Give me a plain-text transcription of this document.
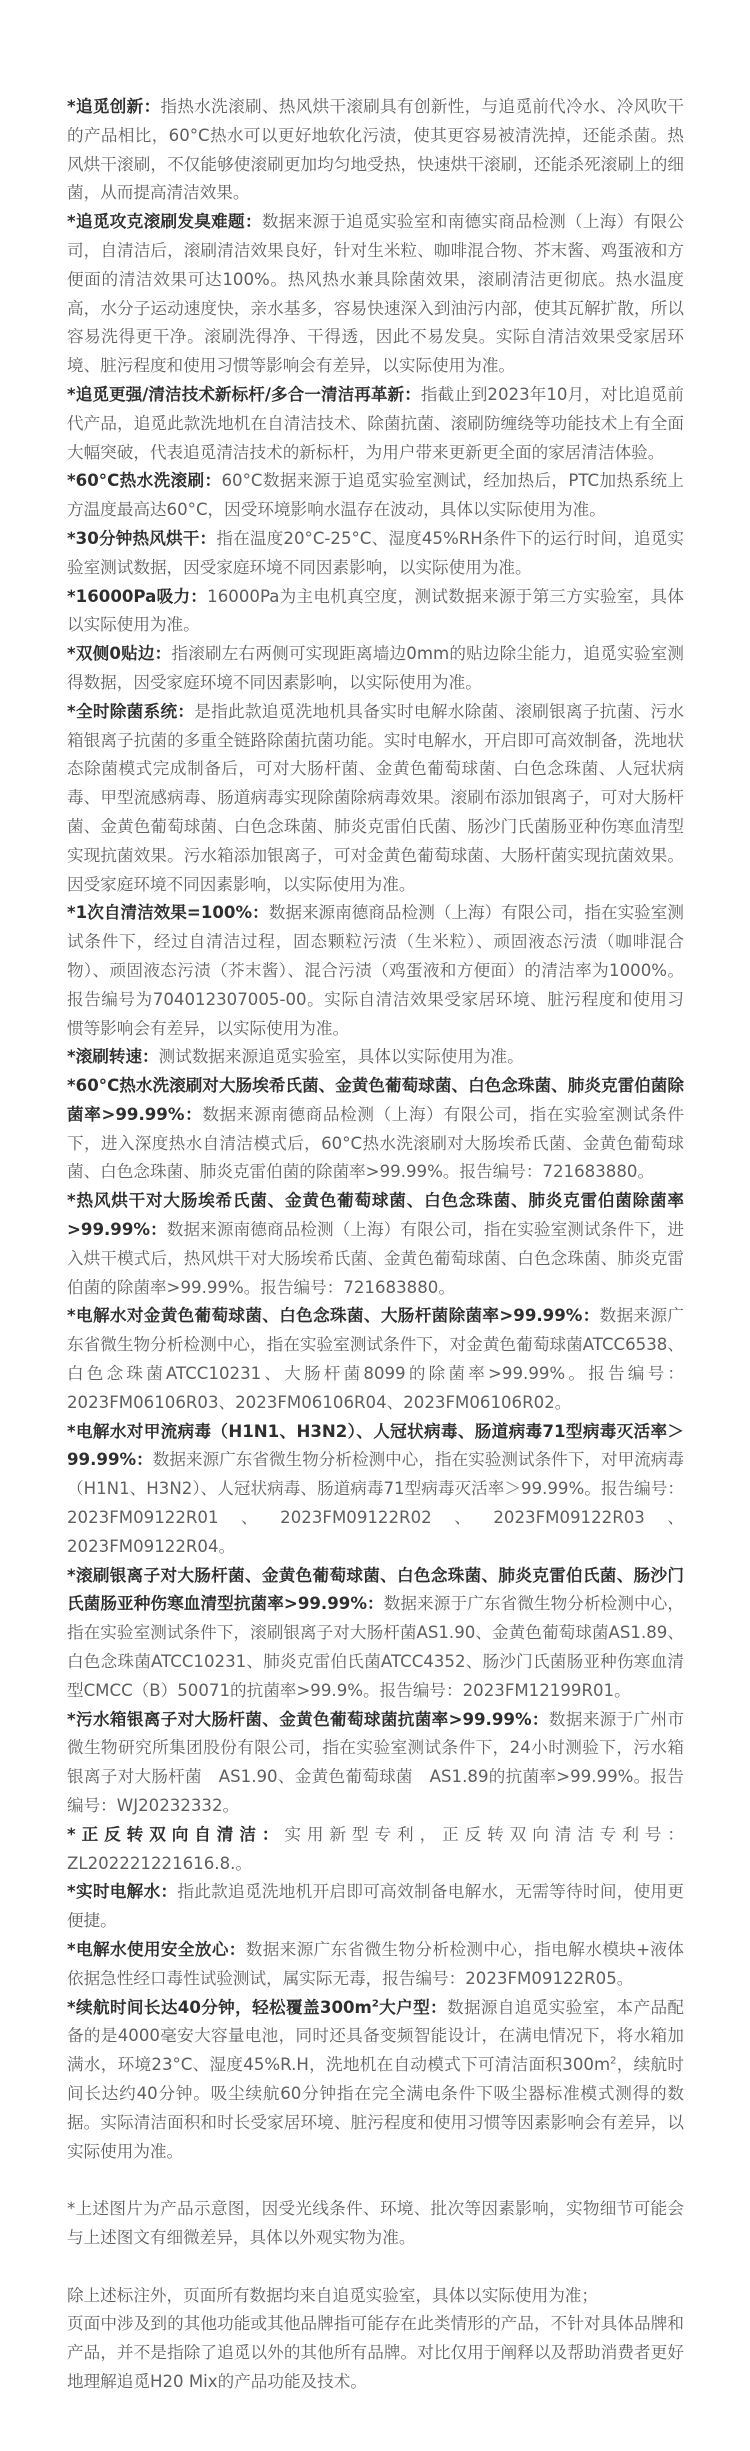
*追觅创新：指热水洗滚刷、热风烘干滚刷具有创新性，与追觅前代冷水、冷风吹干的产品相比，60°C热水可以更好地软化污渍，使其更容易被清洗掉，还能杀菌。热风烘干滚刷，不仅能够使滚刷更加均匀地受热，快速烘干滚刷，还能杀死滚刷上的细菌，从而提高清洁效果。

*追觅攻克滚刷发臭难题：数据来源于追觅实验室和南德实商品检测（上海）有限公司，自清洁后，滚刷清洁效果良好，针对生米粒、咖啡混合物、芥末酱、鸡蛋液和方便面的清洁效果可达100%。热风热水兼具除菌效果，滚刷清洁更彻底。热水温度高，水分子运动速度快，亲水基多，容易快速深入到油污内部，使其瓦解扩散，所以容易洗得更干净。滚刷洗得净、干得透，因此不易发臭。实际自清洁效果受家居环境、脏污程度和使用习惯等影响会有差异，以实际使用为准。

*追觅更强/清洁技术新标杆/多合一清洁再革新：指截止到2023年10月，对比追觅前代产品，追觅此款洗地机在自清洁技术、除菌抗菌、滚刷防缠绕等功能技术上有全面大幅突破，代表追觅清洁技术的新标杆，为用户带来更新更全面的家居清洁体验。

*60°C热水洗滚刷：60°C数据来源于追觅实验室测试，经加热后，PTC加热系统上方温度最高达60°C，因受环境影响水温存在波动，具体以实际使用为准。

*30分钟热风烘干：指在温度20°C-25°C、湿度45%RH条件下的运行时间，追觅实验室测试数据，因受家庭环境不同因素影响，以实际使用为准。

*16000Pa吸力：16000Pa为主电机真空度，测试数据来源于第三方实验室，具体以实际使用为准。

*双侧0贴边：指滚刷左右两侧可实现距离墙边0mm的贴边除尘能力，追觅实验室测得数据，因受家庭环境不同因素影响，以实际使用为准。

*全时除菌系统：是指此款追觅洗地机具备实时电解水除菌、滚刷银离子抗菌、污水箱银离子抗菌的多重全链路除菌抗菌功能。实时电解水，开启即可高效制备，洗地状态除菌模式完成制备后，可对大肠杆菌、金黄色葡萄球菌、白色念珠菌、人冠状病毒、甲型流感病毒、肠道病毒实现除菌除病毒效果。滚刷布添加银离子，可对大肠杆菌、金黄色葡萄球菌、白色念珠菌、肺炎克雷伯氏菌、肠沙门氏菌肠亚种伤寒血清型实现抗菌效果。污水箱添加银离子，可对金黄色葡萄球菌、大肠杆菌实现抗菌效果。因受家庭环境不同因素影响，以实际使用为准。

*1次自清洁效果=100%：数据来源南德商品检测（上海）有限公司，指在实验室测试条件下，经过自清洁过程，固态颗粒污渍（生米粒）、顽固液态污渍（咖啡混合物）、顽固液态污渍（芥末酱）、混合污渍（鸡蛋液和方便面）的清洁率为1000%。报告编号为704012307005-00。实际自清洁效果受家居环境、脏污程度和使用习惯等影响会有差异，以实际使用为准。

*滚刷转速：测试数据来源追觅实验室，具体以实际使用为准。

*60°C热水洗滚刷对大肠埃希氏菌、金黄色葡萄球菌、白色念珠菌、肺炎克雷伯菌除菌率>99.99%：数据来源南德商品检测（上海）有限公司，指在实验室测试条件下，进入深度热水自清洁模式后，60°C热水洗滚刷对大肠埃希氏菌、金黄色葡萄球菌、白色念珠菌、肺炎克雷伯菌的除菌率>99.99%。报告编号：721683880。

*热风烘干对大肠埃希氏菌、金黄色葡萄球菌、白色念珠菌、肺炎克雷伯菌除菌率>99.99%：数据来源南德商品检测（上海）有限公司，指在实验室测试条件下，进入烘干模式后，热风烘干对大肠埃希氏菌、金黄色葡萄球菌、白色念珠菌、肺炎克雷伯菌的除菌率>99.99%。报告编号：721683880。

*电解水对金黄色葡萄球菌、白色念珠菌、大肠杆菌除菌率>99.99%：数据来源广东省微生物分析检测中心，指在实验室测试条件下，对金黄色葡萄球菌ATCC6538、白色念珠菌ATCC10231、大肠杆菌8099的除菌率>99.99%。报告编号：2023FM06106R03、2023FM06106R04、2023FM06106R02。

*电解水对甲流病毒（H1N1、H3N2）、人冠状病毒、肠道病毒71型病毒灭活率＞99.99%：数据来源广东省微生物分析检测中心，指在实验测试条件下，对甲流病毒（H1N1、H3N2）、人冠状病毒、肠道病毒71型病毒灭活率＞99.99%。报告编号：2023FM09122R01、2023FM09122R02、2023FM09122R03、2023FM09122R04。

*滚刷银离子对大肠杆菌、金黄色葡萄球菌、白色念珠菌、肺炎克雷伯氏菌、肠沙门氏菌肠亚种伤寒血清型抗菌率>99.99%：数据来源于广东省微生物分析检测中心，指在实验室测试条件下，滚刷银离子对大肠杆菌AS1.90、金黄色葡萄球菌AS1.89、白色念珠菌ATCC10231、肺炎克雷伯氏菌ATCC4352、肠沙门氏菌肠亚种伤寒血清型CMCC（B）50071的抗菌率>99.9%。报告编号：2023FM12199R01。

*污水箱银离子对大肠杆菌、金黄色葡萄球菌抗菌率>99.99%：数据来源于广州市微生物研究所集团股份有限公司，指在实验室测试条件下，24小时测验下，污水箱银离子对大肠杆菌　AS1.90、金黄色葡萄球菌　AS1.89的抗菌率>99.99%。报告编号：WJ20232332。

*正反转双向自清洁：实用新型专利，正反转双向清洁专利号：ZL202221221616.8.。

*实时电解水：指此款追觅洗地机开启即可高效制备电解水，无需等待时间，使用更便捷。

*电解水使用安全放心：数据来源广东省微生物分析检测中心，指电解水模块+液体依据急性经口毒性试验测试，属实际无毒，报告编号：2023FM09122R05。

*续航时间长达40分钟，轻松覆盖$300m^2$大户型：数据源自追觅实验室，本产品配备的是4000毫安大容量电池，同时还具备变频智能设计，在满电情况下，将水箱加满水，环境23°C、湿度45%R.H，洗地机在自动模式下可清洁面积$300m^2$，续航时间长达约40分钟。吸尘续航60分钟指在完全满电条件下吸尘器标准模式测得的数据。实际清洁面积和时长受家居环境、脏污程度和使用习惯等因素影响会有差异，以实际使用为准。

*上述图片为产品示意图，因受光线条件、环境、批次等因素影响，实物细节可能会与上述图文有细微差异，具体以外观实物为准。

除上述标注外，页面所有数据均来自追觅实验室，具体以实际使用为准；

页面中涉及到的其他功能或其他品牌指可能存在此类情形的产品，不针对具体品牌和产品，并不是指除了追觅以外的其他所有品牌。对比仅用于阐释以及帮助消费者更好地理解追觅H20 Mix的产品功能及技术。
